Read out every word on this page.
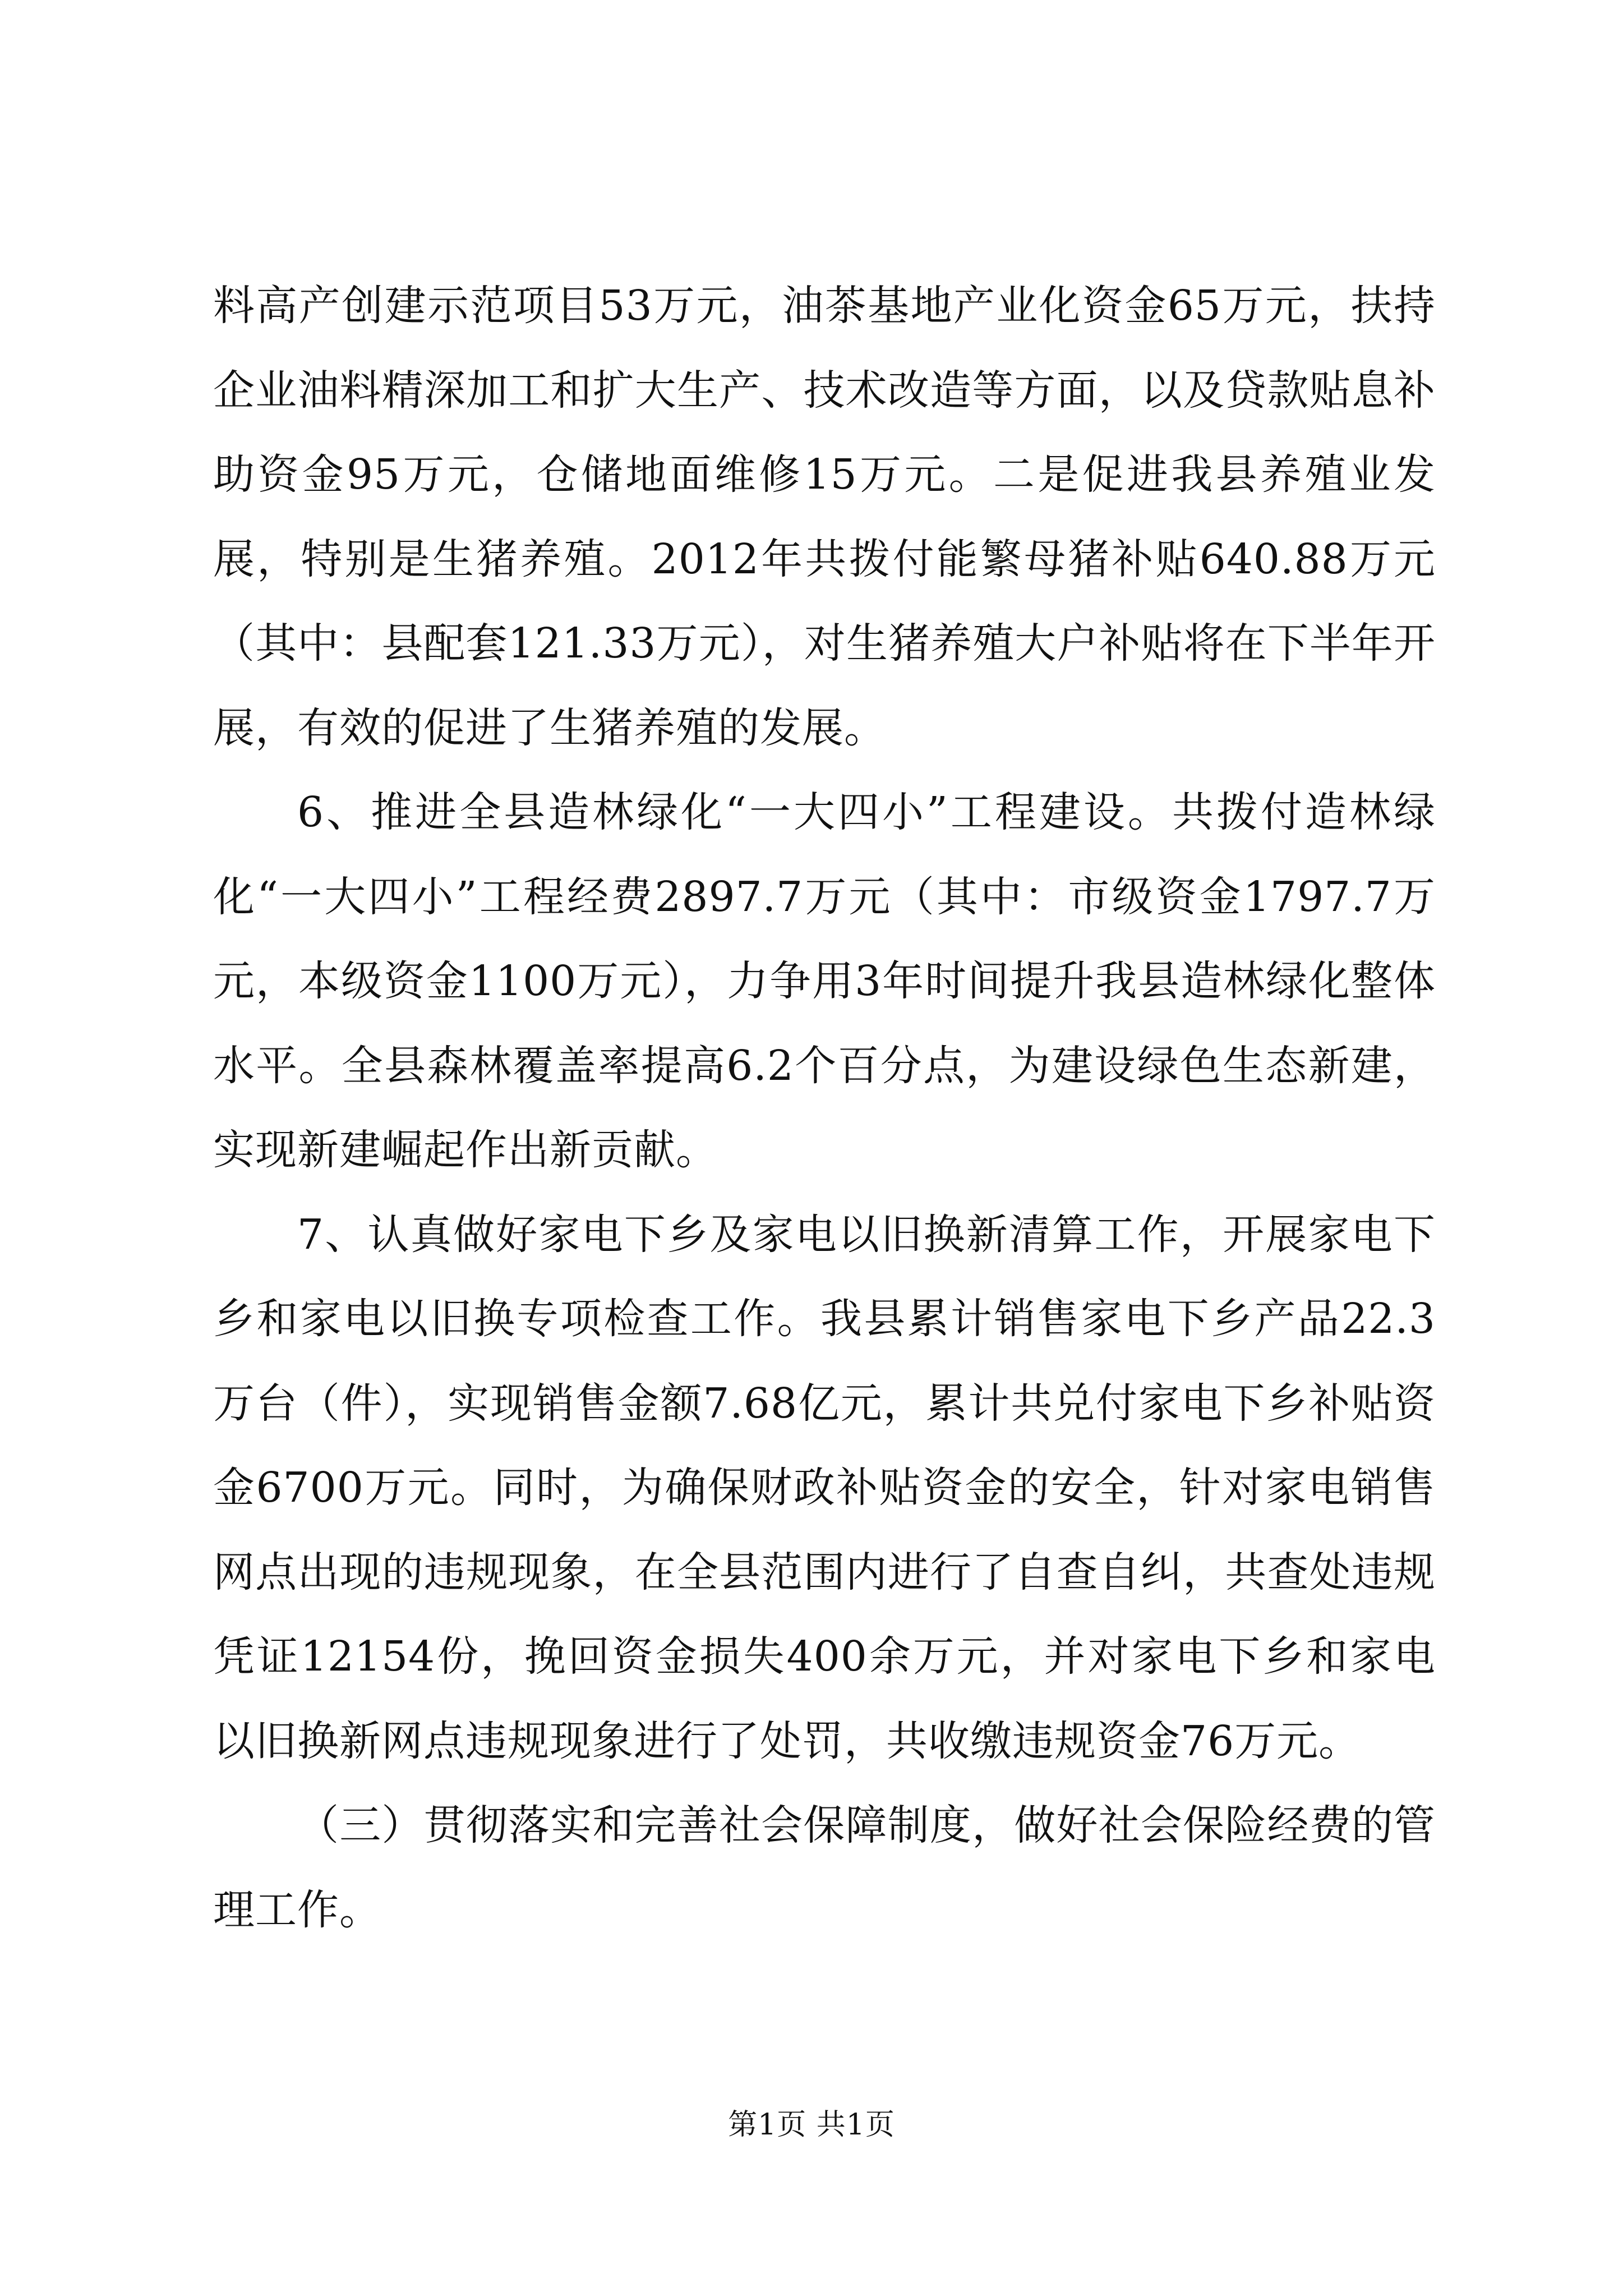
料高产创建示范项目53万元，油茶基地产业化资金65万元，扶持企业油料精深加工和扩大生产、技术改造等方面，以及贷款贴息补助资金95万元，仓储地面维修15万元。二是促进我县养殖业发展，特别是生猪养殖。2012年共拨付能繁母猪补贴640.88万元（其中：县配套121.33万元），对生猪养殖大户补贴将在下半年开展，有效的促进了生猪养殖的发展。

6、推进全县造林绿化“一大四小”工程建设。共拨付造林绿化“一大四小”工程经费2897.7万元（其中：市级资金1797.7万元，本级资金1100万元），力争用3年时间提升我县造林绿化整体水平。全县森林覆盖率提高6.2个百分点，为建设绿色生态新建，实现新建崛起作出新贡献。

7、认真做好家电下乡及家电以旧换新清算工作，开展家电下乡和家电以旧换专项检查工作。我县累计销售家电下乡产品22.3万台（件），实现销售金额7.68亿元，累计共兑付家电下乡补贴资金6700万元。同时，为确保财政补贴资金的安全，针对家电销售网点出现的违规现象，在全县范围内进行了自查自纠，共查处违规凭证12154份，挽回资金损失400余万元，并对家电下乡和家电以旧换新网点违规现象进行了处罚，共收缴违规资金76万元。

（三）贯彻落实和完善社会保障制度，做好社会保险经费的管理工作。

第1页 共1页
